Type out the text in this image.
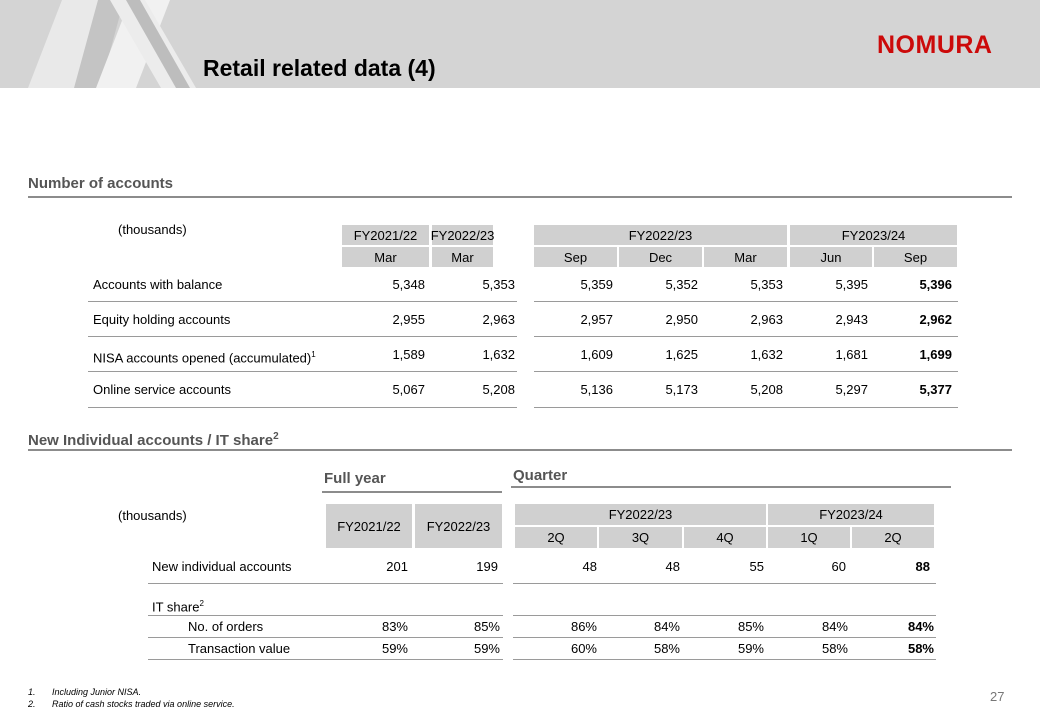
Retail related data (4)
NOMURA
Number of accounts
(thousands)	FY2021/22	FY2022/23	FY2022/23	FY2023/24
Mar	Mar	Sep	Dec	Mar	Jun	Sep
Accounts with balance	5,348	5,353	5,359	5,352	5,353	5,395	5,396
Equity holding accounts	2,955	2,963	2,957	2,950	2,963	2,943	2,962
NISA accounts opened (accumulated)$^1$	1,589	1,632	1,609	1,625	1,632	1,681	1,699
Online service accounts	5,067	5,208	5,136	5,173	5,208	5,297	5,377
New Individual accounts / IT share$^2$
Full year	Quarter
(thousands)
FY2021/22	FY2022/23
FY2022/23	FY2023/24
2Q	3Q	4Q	1Q	2Q
New individual accounts	201	199	48	48	55	60	88
IT share$^2$
No. of orders	83%	85%	86%	84%	85%	84%	84%
Transaction value	59%	59%	60%	58%	59%	58%	58%
1. Including Junior NISA.
2. Ratio of cash stocks traded via online service.	27
